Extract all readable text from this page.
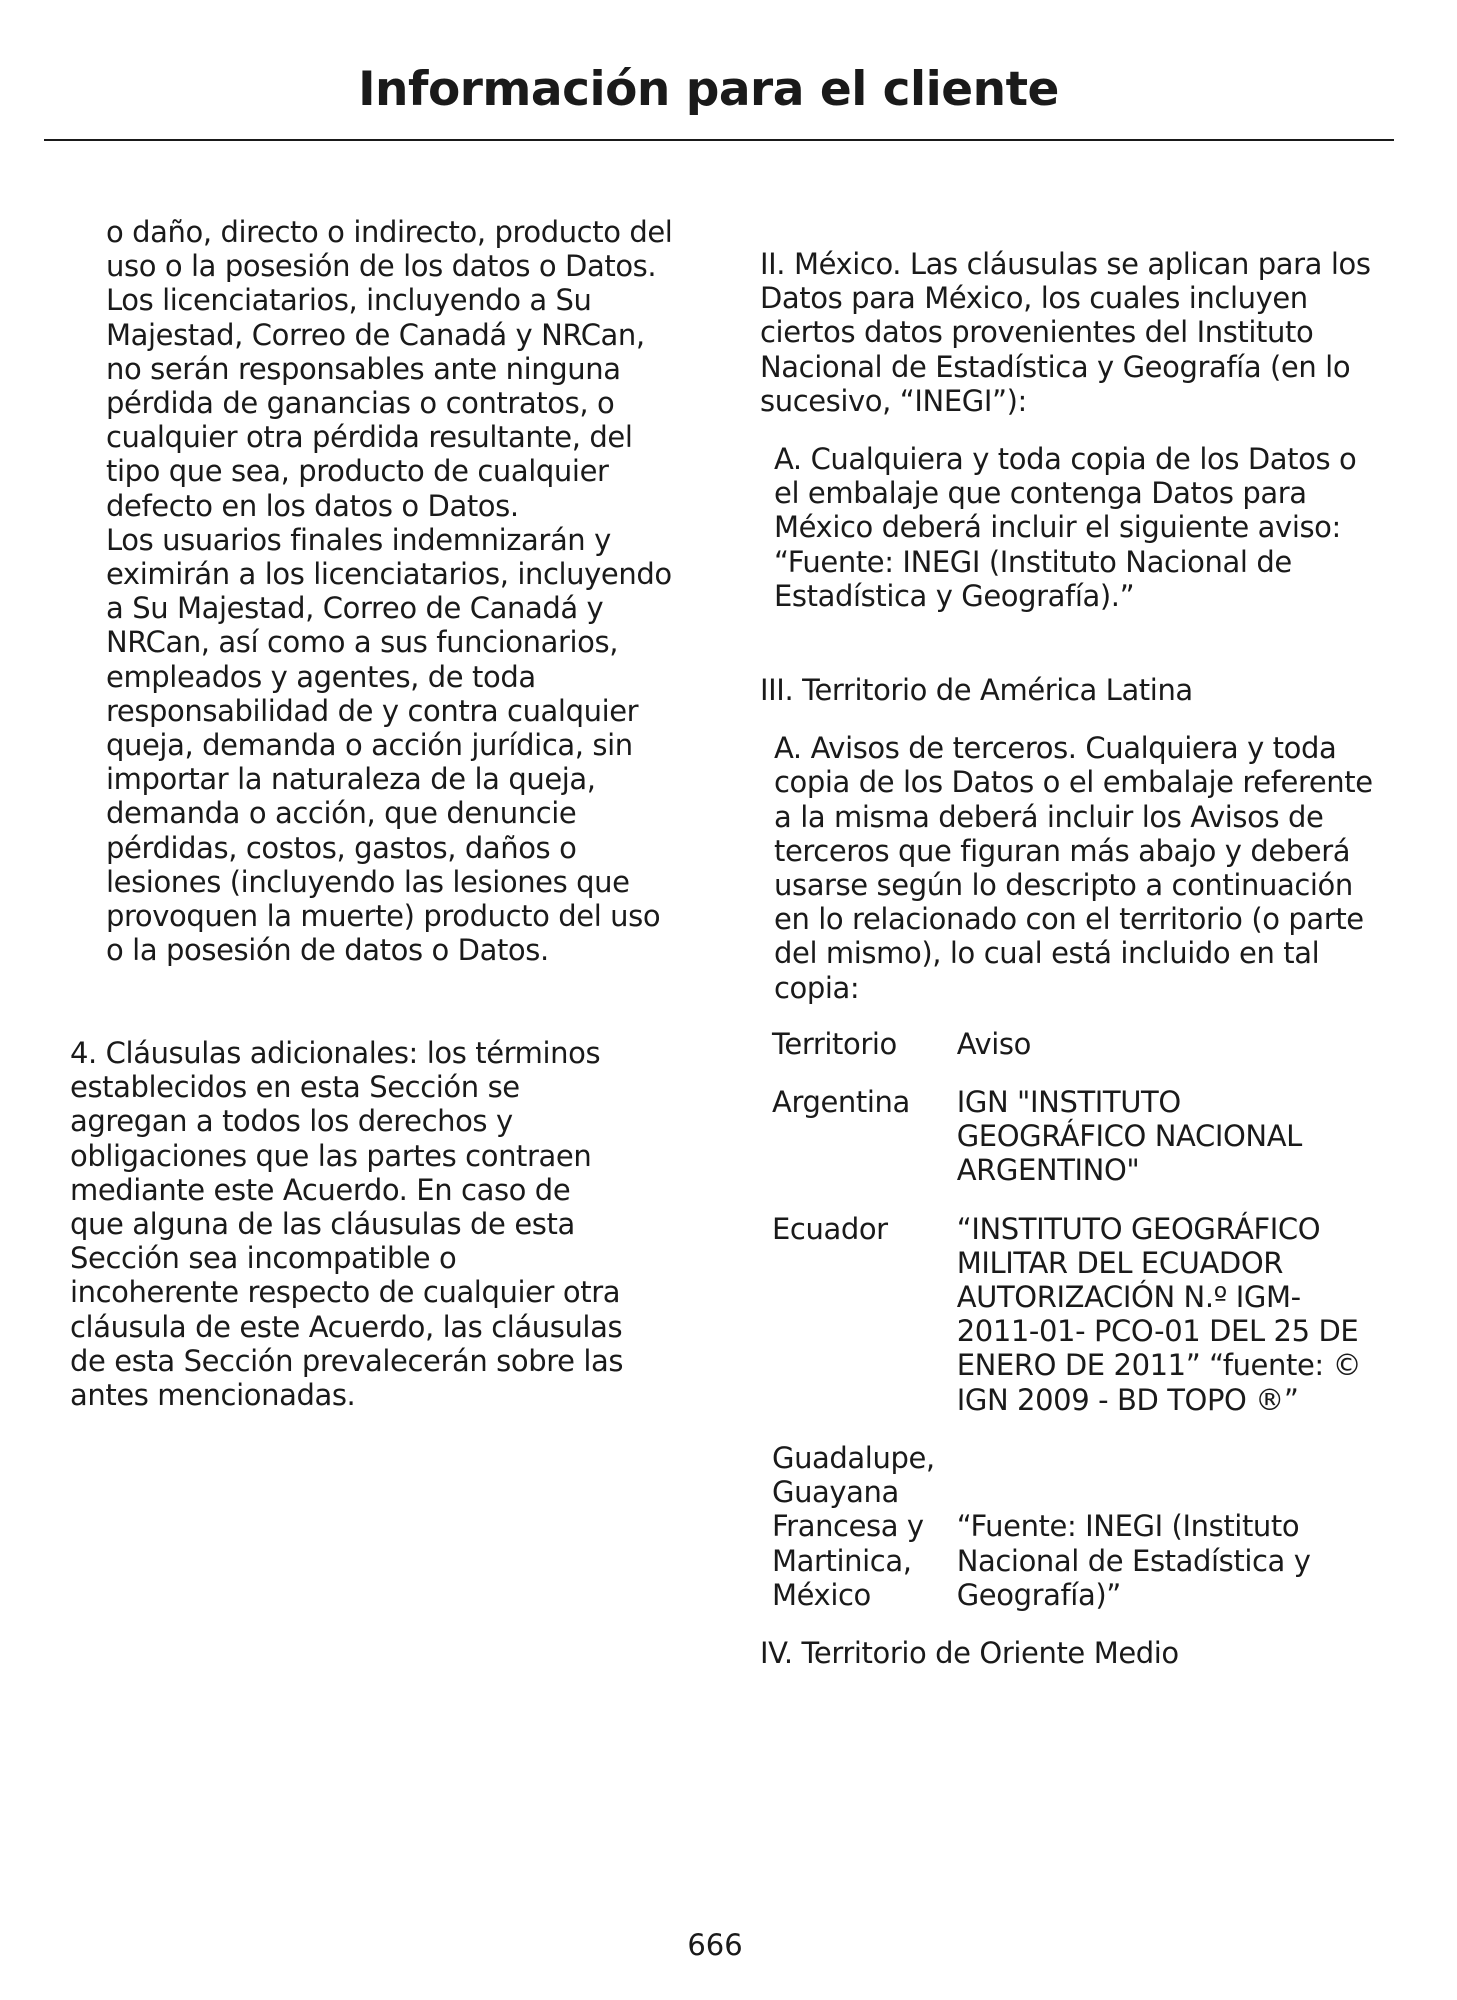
Información para el cliente

o daño, directo o indirecto, producto del uso o la posesión de los datos o Datos. Los licenciatarios, incluyendo a Su Majestad, Correo de Canadá y NRCan, no serán responsables ante ninguna pérdida de ganancias o contratos, o cualquier otra pérdida resultante, del tipo que sea, producto de cualquier defecto en los datos o Datos.

Los usuarios finales indemnizarán y eximirán a los licenciatarios, incluyendo a Su Majestad, Correo de Canadá y NRCan, así como a sus funcionarios, empleados y agentes, de toda responsabilidad de y contra cualquier queja, demanda o acción jurídica, sin importar la naturaleza de la queja, demanda o acción, que denuncie pérdidas, costos, gastos, daños o lesiones (incluyendo las lesiones que provoquen la muerte) producto del uso o la posesión de datos o Datos.

4. Cláusulas adicionales: los términos establecidos en esta Sección se agregan a todos los derechos y obligaciones que las partes contraen mediante este Acuerdo. En caso de que alguna de las cláusulas de esta Sección sea incompatible o incoherente respecto de cualquier otra cláusula de este Acuerdo, las cláusulas de esta Sección prevalecerán sobre las antes mencionadas.

II. México. Las cláusulas se aplican para los Datos para México, los cuales incluyen ciertos datos provenientes del Instituto Nacional de Estadística y Geografía (en lo sucesivo, “INEGI”):

A. Cualquiera y toda copia de los Datos o el embalaje que contenga Datos para México deberá incluir el siguiente aviso: “Fuente: INEGI (Instituto Nacional de Estadística y Geografía).”

III. Territorio de América Latina

A. Avisos de terceros. Cualquiera y toda copia de los Datos o el embalaje referente a la misma deberá incluir los Avisos de terceros que figuran más abajo y deberá usarse según lo descripto a continuación en lo relacionado con el territorio (o parte del mismo), lo cual está incluido en tal copia:

Territorio	Aviso
Argentina	IGN "INSTITUTO GEOGRÁFICO NACIONAL ARGENTINO"
Ecuador	“INSTITUTO GEOGRÁFICO MILITAR DEL ECUADOR AUTORIZACIÓN N.º IGM-2011-01- PCO-01 DEL 25 DE ENERO DE 2011” “fuente: © IGN 2009 - BD TOPO ®”
Guadalupe, Guayana Francesa y Martinica, México	“Fuente: INEGI (Instituto Nacional de Estadística y Geografía)”

IV. Territorio de Oriente Medio

666
